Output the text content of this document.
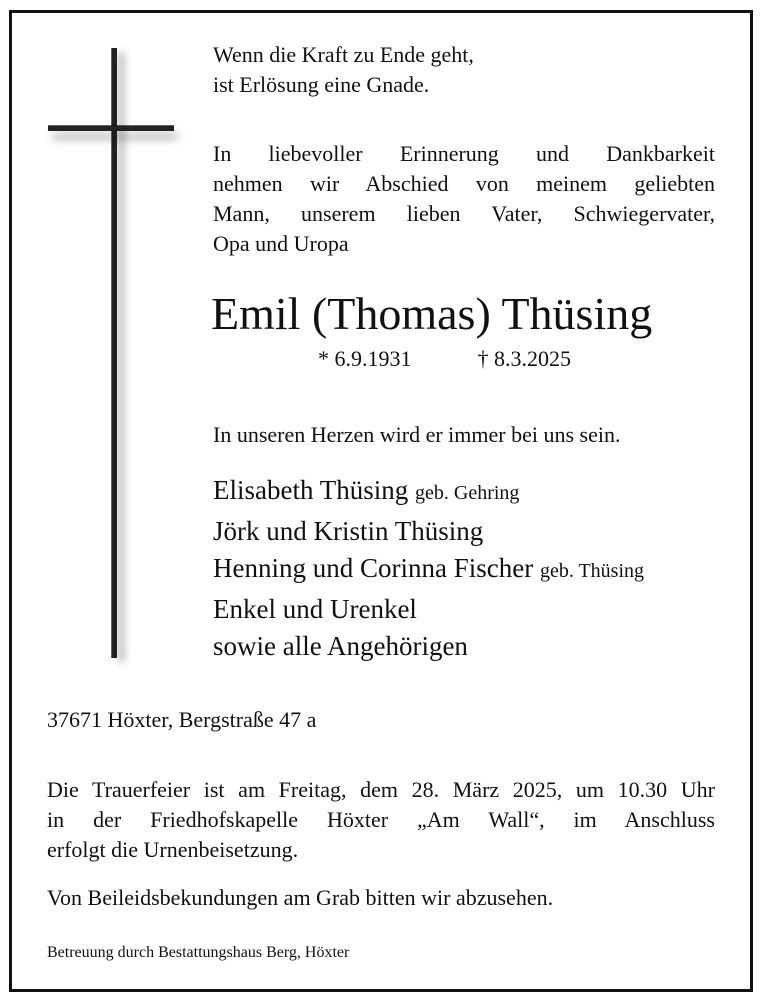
Wenn die Kraft zu Ende geht,
ist Erlösung eine Gnade.
In liebevoller Erinnerung und Dankbarkeit
nehmen wir Abschied von meinem geliebten
Mann, unserem lieben Vater, Schwiegervater,
Opa und Uropa
Emil (Thomas) Thüsing
* 6.9.1931	† 8.3.2025
In unseren Herzen wird er immer bei uns sein.
Elisabeth Thüsing geb. Gehring
Jörk und Kristin Thüsing
Henning und Corinna Fischer geb. Thüsing
Enkel und Urenkel
sowie alle Angehörigen
37671 Höxter, Bergstraße 47 a
Die Trauerfeier ist am Freitag, dem 28. März 2025, um 10.30 Uhr
in der Friedhofskapelle Höxter „Am Wall“, im Anschluss
erfolgt die Urnenbeisetzung.
Von Beileidsbekundungen am Grab bitten wir abzusehen.
Betreuung durch Bestattungshaus Berg, Höxter
